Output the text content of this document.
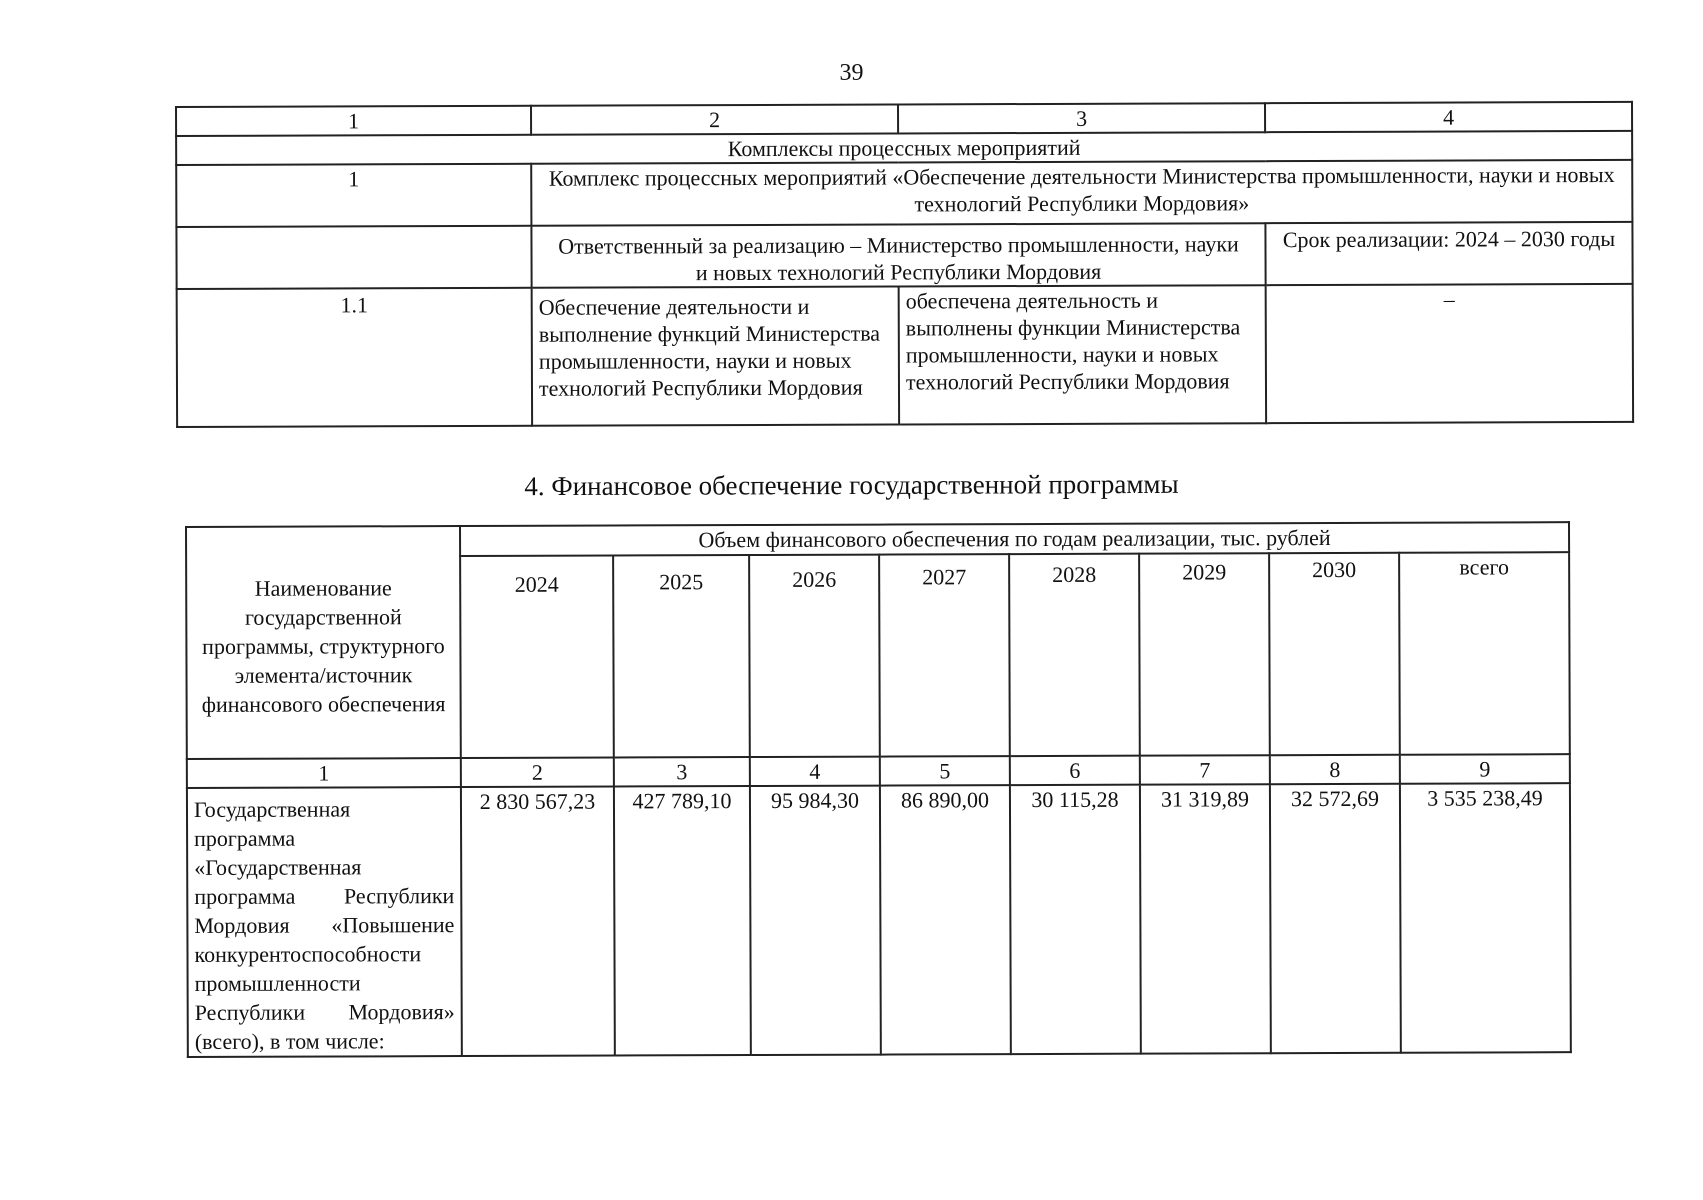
39
1	2	3	4
Комплексы процессных мероприятий			
1	Комплекс процессных мероприятий «Обеспечение деятельности Министерства промышленности, науки и новых технологий Республики Мордовия»		
	Ответственный за реализацию – Министерство промышленности, науки и новых технологий Республики Мордовия		Срок реализации: 2024 – 2030 годы
1.1	Обеспечение деятельности и выполнение функций Министерства промышленности, науки и новых технологий Республики Мордовия	обеспечена деятельность и выполнены функции Министерства промышленности, науки и новых технологий Республики Мордовия	–
4. Финансовое обеспечение государственной программы
Наименование государственной программы, структурного элемента/источник финансового обеспечения	Объем финансового обеспечения по годам реализации, тыс. рублей							
	2024	2025	2026	2027	2028	2029	2030	всего
1	2	3	4	5	6	7	8	9
Государственная программа «Государственная программа Республики Мордовия «Повышение конкурентоспособности промышленности Республики Мордовия» (всего), в том числе:	2 830 567,23	427 789,10	95 984,30	86 890,00	30 115,28	31 319,89	32 572,69	3 535 238,49
